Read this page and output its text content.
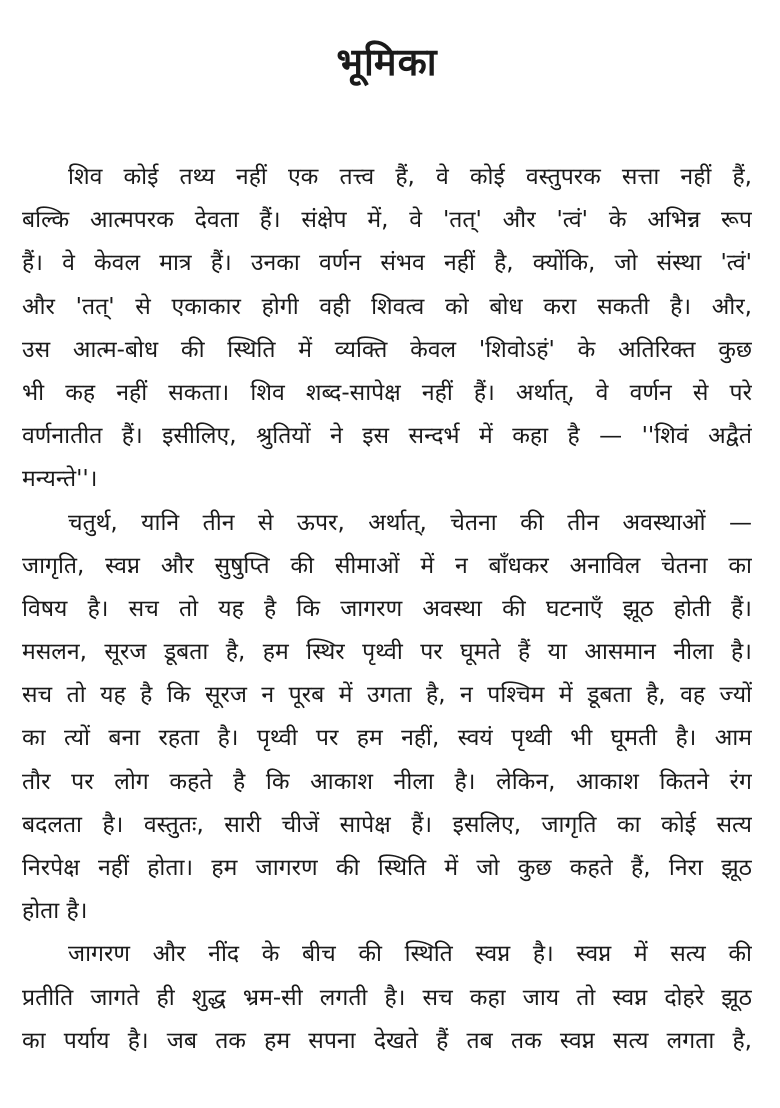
भूमिका
शिव कोई तथ्य नहीं एक तत्त्व हैं, वे कोई वस्तुपरक सत्ता नहीं हैं,
बल्कि आत्मपरक देवता हैं। संक्षेप में, वे 'तत्' और 'त्वं' के अभिन्न रूप
हैं। वे केवल मात्र हैं। उनका वर्णन संभव नहीं है, क्योंकि, जो संस्था 'त्वं'
और 'तत्' से एकाकार होगी वही शिवत्व को बोध करा सकती है। और,
उस आत्म-बोध की स्थिति में व्यक्ति केवल 'शिवोऽहं' के अतिरिक्त कुछ
भी कह नहीं सकता। शिव शब्द-सापेक्ष नहीं हैं। अर्थात्, वे वर्णन से परे
वर्णनातीत हैं। इसीलिए, श्रुतियों ने इस सन्दर्भ में कहा है — ''शिवं अद्वैतं
मन्यन्ते''।
चतुर्थ, यानि तीन से ऊपर, अर्थात्, चेतना की तीन अवस्थाओं —
जागृति, स्वप्न और सुषुप्ति की सीमाओं में न बाँधकर अनाविल चेतना का
विषय है। सच तो यह है कि जागरण अवस्था की घटनाएँ झूठ होती हैं।
मसलन, सूरज डूबता है, हम स्थिर पृथ्वी पर घूमते हैं या आसमान नीला है।
सच तो यह है कि सूरज न पूरब में उगता है, न पश्चिम में डूबता है, वह ज्यों
का त्यों बना रहता है। पृथ्वी पर हम नहीं, स्वयं पृथ्वी भी घूमती है। आम
तौर पर लोग कहते है कि आकाश नीला है। लेकिन, आकाश कितने रंग
बदलता है। वस्तुतः, सारी चीजें सापेक्ष हैं। इसलिए, जागृति का कोई सत्य
निरपेक्ष नहीं होता। हम जागरण की स्थिति में जो कुछ कहते हैं, निरा झूठ
होता है।
जागरण और नींद के बीच की स्थिति स्वप्न है। स्वप्न में सत्य की
प्रतीति जागते ही शुद्ध भ्रम-सी लगती है। सच कहा जाय तो स्वप्न दोहरे झूठ
का पर्याय है। जब तक हम सपना देखते हैं तब तक स्वप्न सत्य लगता है,
